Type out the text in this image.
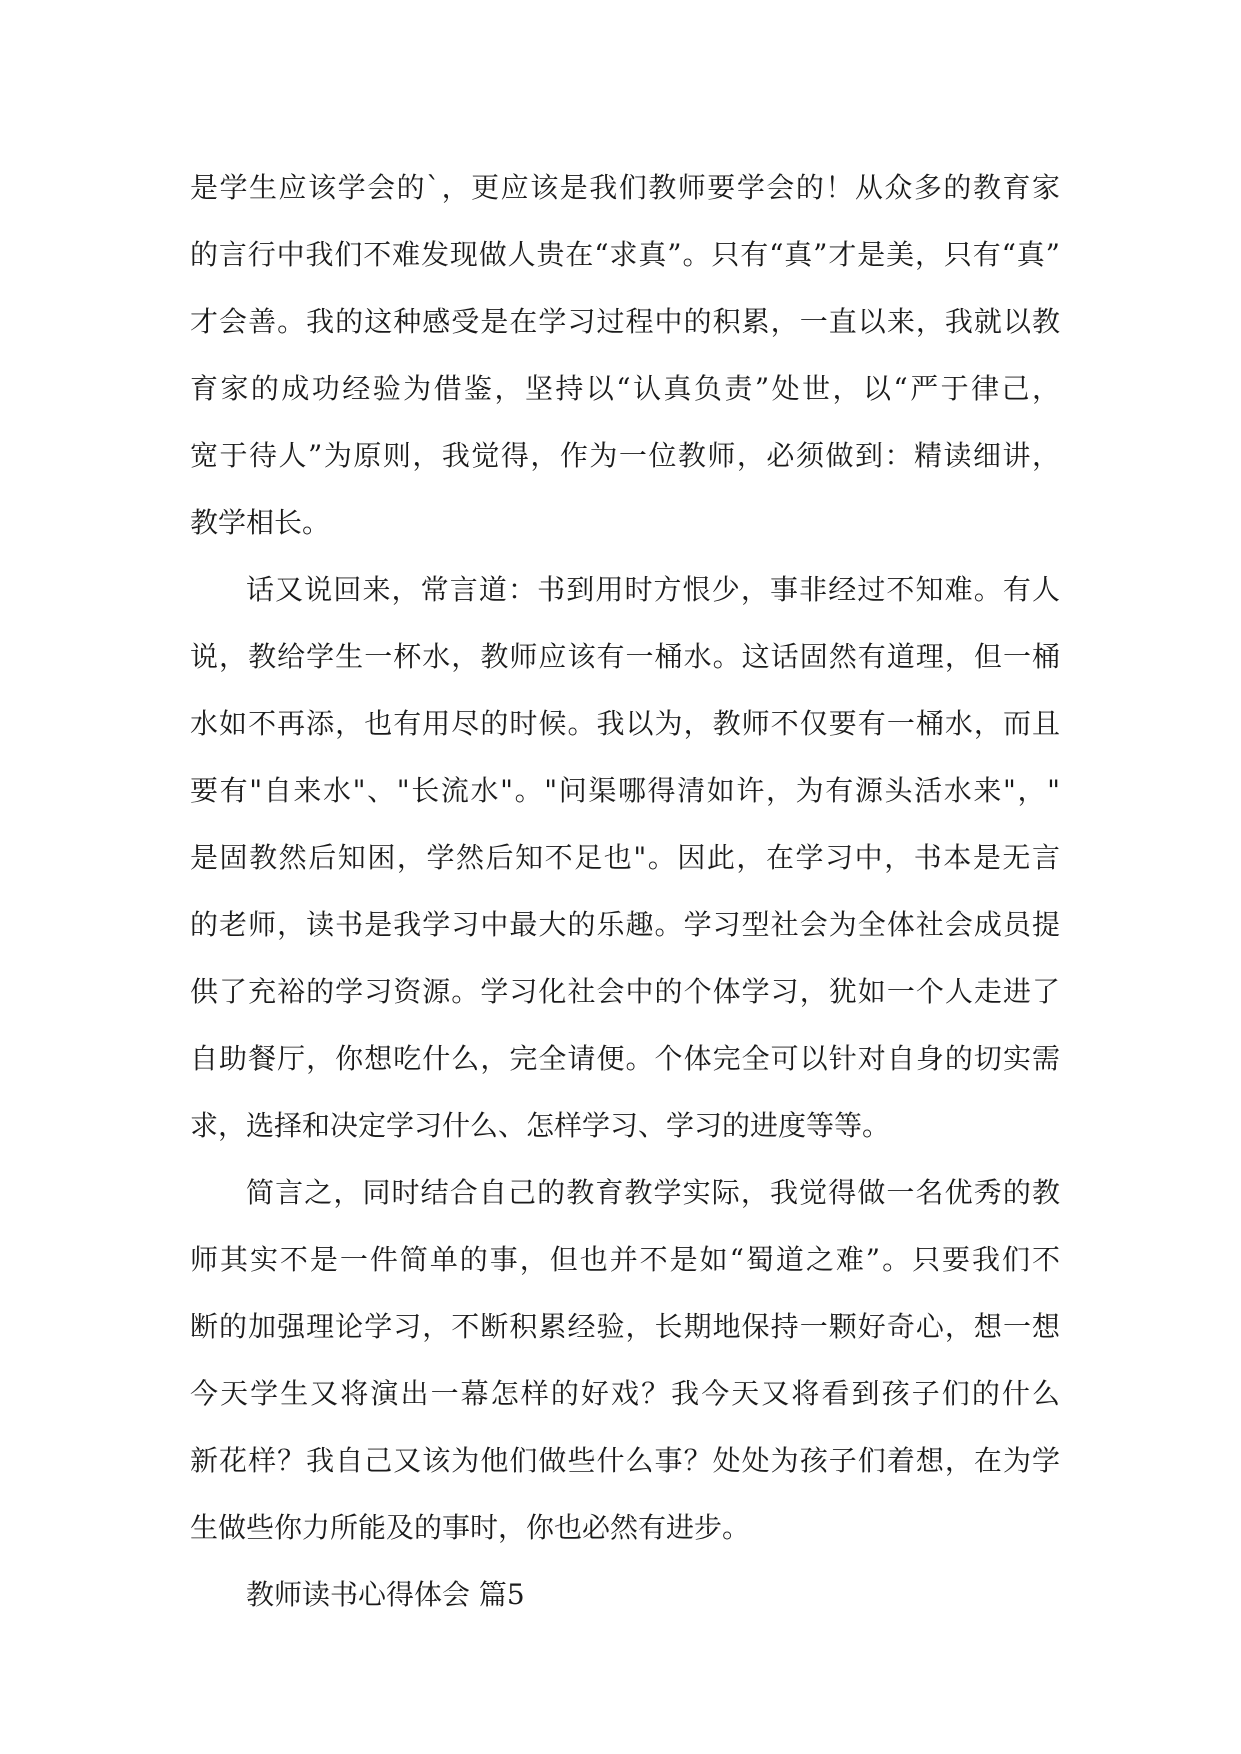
是学生应该学会的`，更应该是我们教师要学会的！从众多的教育家
的言行中我们不难发现做人贵在“求真”。只有“真”才是美，只有“真”
才会善。我的这种感受是在学习过程中的积累，一直以来，我就以教
育家的成功经验为借鉴，坚持以“认真负责”处世，以“严于律己，
宽于待人”为原则，我觉得，作为一位教师，必须做到：精读细讲，
教学相长。
话又说回来，常言道：书到用时方恨少，事非经过不知难。有人
说，教给学生一杯水，教师应该有一桶水。这话固然有道理，但一桶
水如不再添，也有用尽的时候。我以为，教师不仅要有一桶水，而且
要有"自来水"、"长流水"。"问渠哪得清如许，为有源头活水来"，"
是固教然后知困，学然后知不足也"。因此，在学习中，书本是无言
的老师，读书是我学习中最大的乐趣。学习型社会为全体社会成员提
供了充裕的学习资源。学习化社会中的个体学习，犹如一个人走进了
自助餐厅，你想吃什么，完全请便。个体完全可以针对自身的切实需
求，选择和决定学习什么、怎样学习、学习的进度等等。
简言之，同时结合自己的教育教学实际，我觉得做一名优秀的教
师其实不是一件简单的事，但也并不是如“蜀道之难”。只要我们不
断的加强理论学习，不断积累经验，长期地保持一颗好奇心，想一想
今天学生又将演出一幕怎样的好戏？我今天又将看到孩子们的什么
新花样？我自己又该为他们做些什么事？处处为孩子们着想，在为学
生做些你力所能及的事时，你也必然有进步。
教师读书心得体会 篇5
